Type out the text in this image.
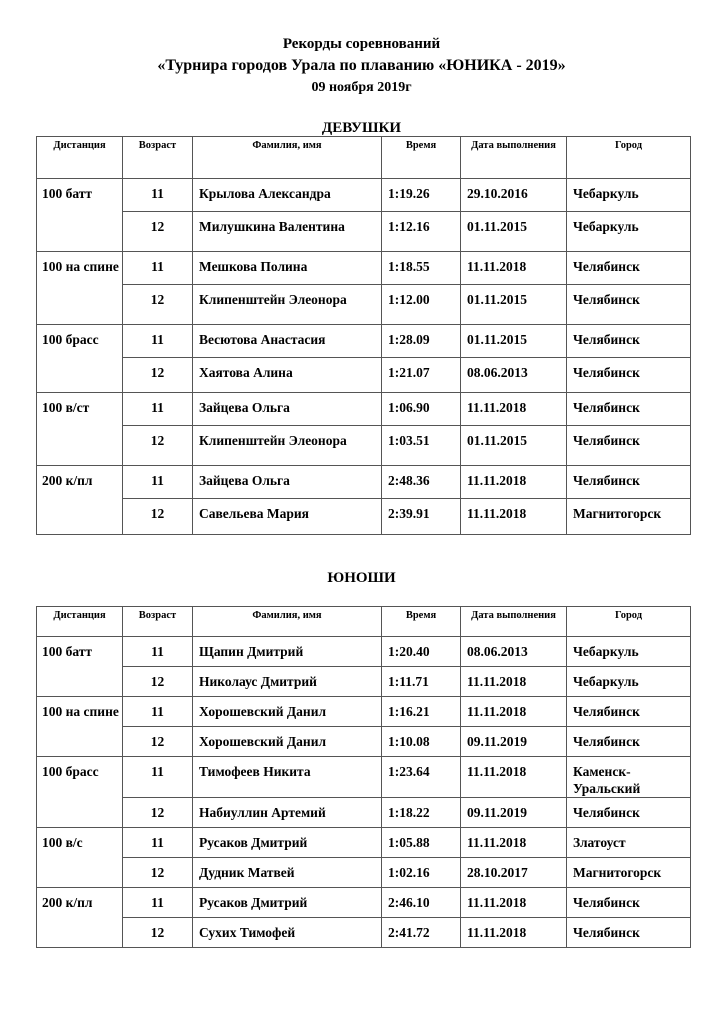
Рекорды соревнований
«Турнира городов Урала по плаванию «ЮНИКА - 2019»
09 ноября 2019г
ДЕВУШКИ
Дистанция	Возраст	Фамилия, имя	Время	Дата выполнения	Город
100 батт	11	Крылова Александра	1:19.26	29.10.2016	Чебаркуль
	12	Милушкина Валентина	1:12.16	01.11.2015	Чебаркуль
100 на спине	11	Мешкова Полина	1:18.55	11.11.2018	Челябинск
	12	Клипенштейн Элеонора	1:12.00	01.11.2015	Челябинск
100 брасс	11	Весютова Анастасия	1:28.09	01.11.2015	Челябинск
	12	Хаятова Алина	1:21.07	08.06.2013	Челябинск
100 в/ст	11	Зайцева Ольга	1:06.90	11.11.2018	Челябинск
	12	Клипенштейн Элеонора	1:03.51	01.11.2015	Челябинск
200 к/пл	11	Зайцева Ольга	2:48.36	11.11.2018	Челябинск
	12	Савельева Мария	2:39.91	11.11.2018	Магнитогорск
ЮНОШИ
Дистанция	Возраст	Фамилия, имя	Время	Дата выполнения	Город
100 батт	11	Щапин Дмитрий	1:20.40	08.06.2013	Чебаркуль
	12	Николаус Дмитрий	1:11.71	11.11.2018	Чебаркуль
100 на спине	11	Хорошевский Данил	1:16.21	11.11.2018	Челябинск
	12	Хорошевский Данил	1:10.08	09.11.2019	Челябинск
100 брасс	11	Тимофеев Никита	1:23.64	11.11.2018	Каменск-Уральский
	12	Набиуллин Артемий	1:18.22	09.11.2019	Челябинск
100 в/с	11	Русаков Дмитрий	1:05.88	11.11.2018	Златоуст
	12	Дудник Матвей	1:02.16	28.10.2017	Магнитогорск
200 к/пл	11	Русаков Дмитрий	2:46.10	11.11.2018	Челябинск
	12	Сухих Тимофей	2:41.72	11.11.2018	Челябинск
